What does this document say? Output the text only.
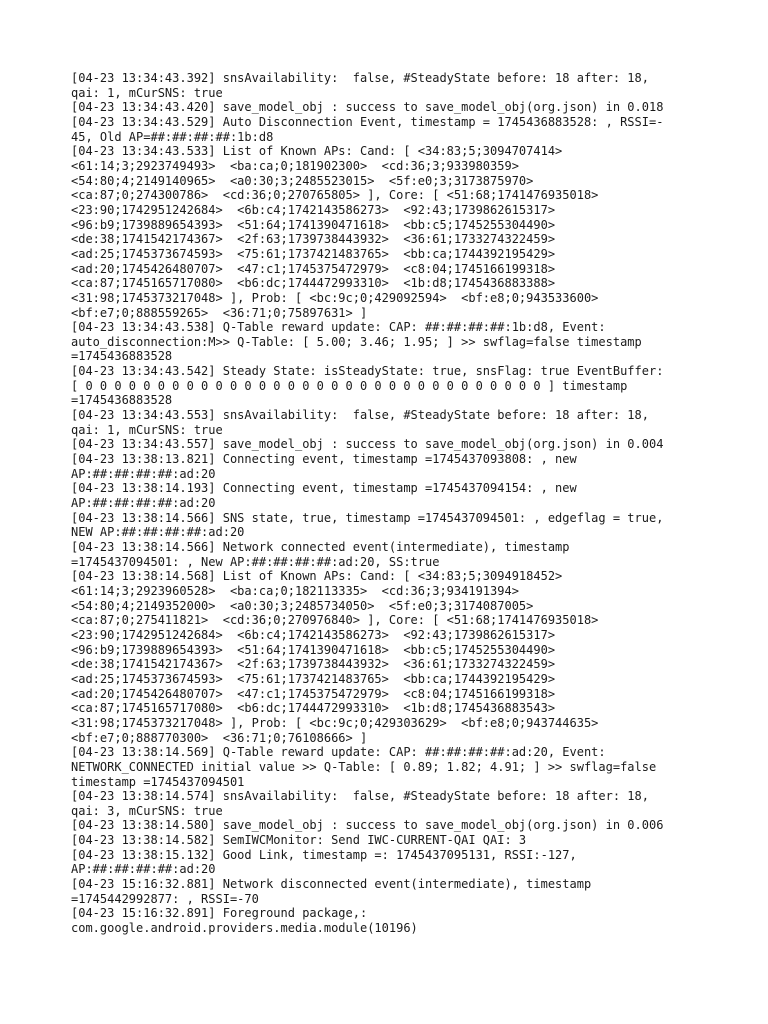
[04-23 13:34:43.392] snsAvailability:  false, #SteadyState before: 18 after: 18,
qai: 1, mCurSNS: true
[04-23 13:34:43.420] save_model_obj : success to save_model_obj(org.json) in 0.018
[04-23 13:34:43.529] Auto Disconnection Event, timestamp = 1745436883528: , RSSI=-
45, Old AP=##:##:##:##:1b:d8
[04-23 13:34:43.533] List of Known APs: Cand: [ <34:83;5;3094707414>
<61:14;3;2923749493>  <ba:ca;0;181902300>  <cd:36;3;933980359>
<54:80;4;2149140965>  <a0:30;3;2485523015>  <5f:e0;3;3173875970>
<ca:87;0;274300786>  <cd:36;0;270765805> ], Core: [ <51:68;1741476935018>
<23:90;1742951242684>  <6b:c4;1742143586273>  <92:43;1739862615317>
<96:b9;1739889654393>  <51:64;1741390471618>  <bb:c5;1745255304490>
<de:38;1741542174367>  <2f:63;1739738443932>  <36:61;1733274322459>
<ad:25;1745373674593>  <75:61;1737421483765>  <bb:ca;1744392195429>
<ad:20;1745426480707>  <47:c1;1745375472979>  <c8:04;1745166199318>
<ca:87;1745165717080>  <b6:dc;1744472993310>  <1b:d8;1745436883388>
<31:98;1745373217048> ], Prob: [ <bc:9c;0;429092594>  <bf:e8;0;943533600>
<bf:e7;0;888559265>  <36:71;0;75897631> ]
[04-23 13:34:43.538] Q-Table reward update: CAP: ##:##:##:##:1b:d8, Event:
auto_disconnection:M>> Q-Table: [ 5.00; 3.46; 1.95; ] >> swflag=false timestamp
=1745436883528
[04-23 13:34:43.542] Steady State: isSteadyState: true, snsFlag: true EventBuffer:
[ 0 0 0 0 0 0 0 0 0 0 0 0 0 0 0 0 0 0 0 0 0 0 0 0 0 0 0 0 0 0 0 0 ] timestamp
=1745436883528
[04-23 13:34:43.553] snsAvailability:  false, #SteadyState before: 18 after: 18,
qai: 1, mCurSNS: true
[04-23 13:34:43.557] save_model_obj : success to save_model_obj(org.json) in 0.004
[04-23 13:38:13.821] Connecting event, timestamp =1745437093808: , new
AP:##:##:##:##:ad:20
[04-23 13:38:14.193] Connecting event, timestamp =1745437094154: , new
AP:##:##:##:##:ad:20
[04-23 13:38:14.566] SNS state, true, timestamp =1745437094501: , edgeflag = true,
NEW AP:##:##:##:##:ad:20
[04-23 13:38:14.566] Network connected event(intermediate), timestamp
=1745437094501: , New AP:##:##:##:##:ad:20, SS:true
[04-23 13:38:14.568] List of Known APs: Cand: [ <34:83;5;3094918452>
<61:14;3;2923960528>  <ba:ca;0;182113335>  <cd:36;3;934191394>
<54:80;4;2149352000>  <a0:30;3;2485734050>  <5f:e0;3;3174087005>
<ca:87;0;275411821>  <cd:36;0;270976840> ], Core: [ <51:68;1741476935018>
<23:90;1742951242684>  <6b:c4;1742143586273>  <92:43;1739862615317>
<96:b9;1739889654393>  <51:64;1741390471618>  <bb:c5;1745255304490>
<de:38;1741542174367>  <2f:63;1739738443932>  <36:61;1733274322459>
<ad:25;1745373674593>  <75:61;1737421483765>  <bb:ca;1744392195429>
<ad:20;1745426480707>  <47:c1;1745375472979>  <c8:04;1745166199318>
<ca:87;1745165717080>  <b6:dc;1744472993310>  <1b:d8;1745436883543>
<31:98;1745373217048> ], Prob: [ <bc:9c;0;429303629>  <bf:e8;0;943744635>
<bf:e7;0;888770300>  <36:71;0;76108666> ]
[04-23 13:38:14.569] Q-Table reward update: CAP: ##:##:##:##:ad:20, Event:
NETWORK_CONNECTED initial value >> Q-Table: [ 0.89; 1.82; 4.91; ] >> swflag=false
timestamp =1745437094501
[04-23 13:38:14.574] snsAvailability:  false, #SteadyState before: 18 after: 18,
qai: 3, mCurSNS: true
[04-23 13:38:14.580] save_model_obj : success to save_model_obj(org.json) in 0.006
[04-23 13:38:14.582] SemIWCMonitor: Send IWC-CURRENT-QAI QAI: 3
[04-23 13:38:15.132] Good Link, timestamp =: 1745437095131, RSSI:-127,
AP:##:##:##:##:ad:20
[04-23 15:16:32.881] Network disconnected event(intermediate), timestamp
=1745442992877: , RSSI=-70
[04-23 15:16:32.891] Foreground package,:
com.google.android.providers.media.module(10196)
